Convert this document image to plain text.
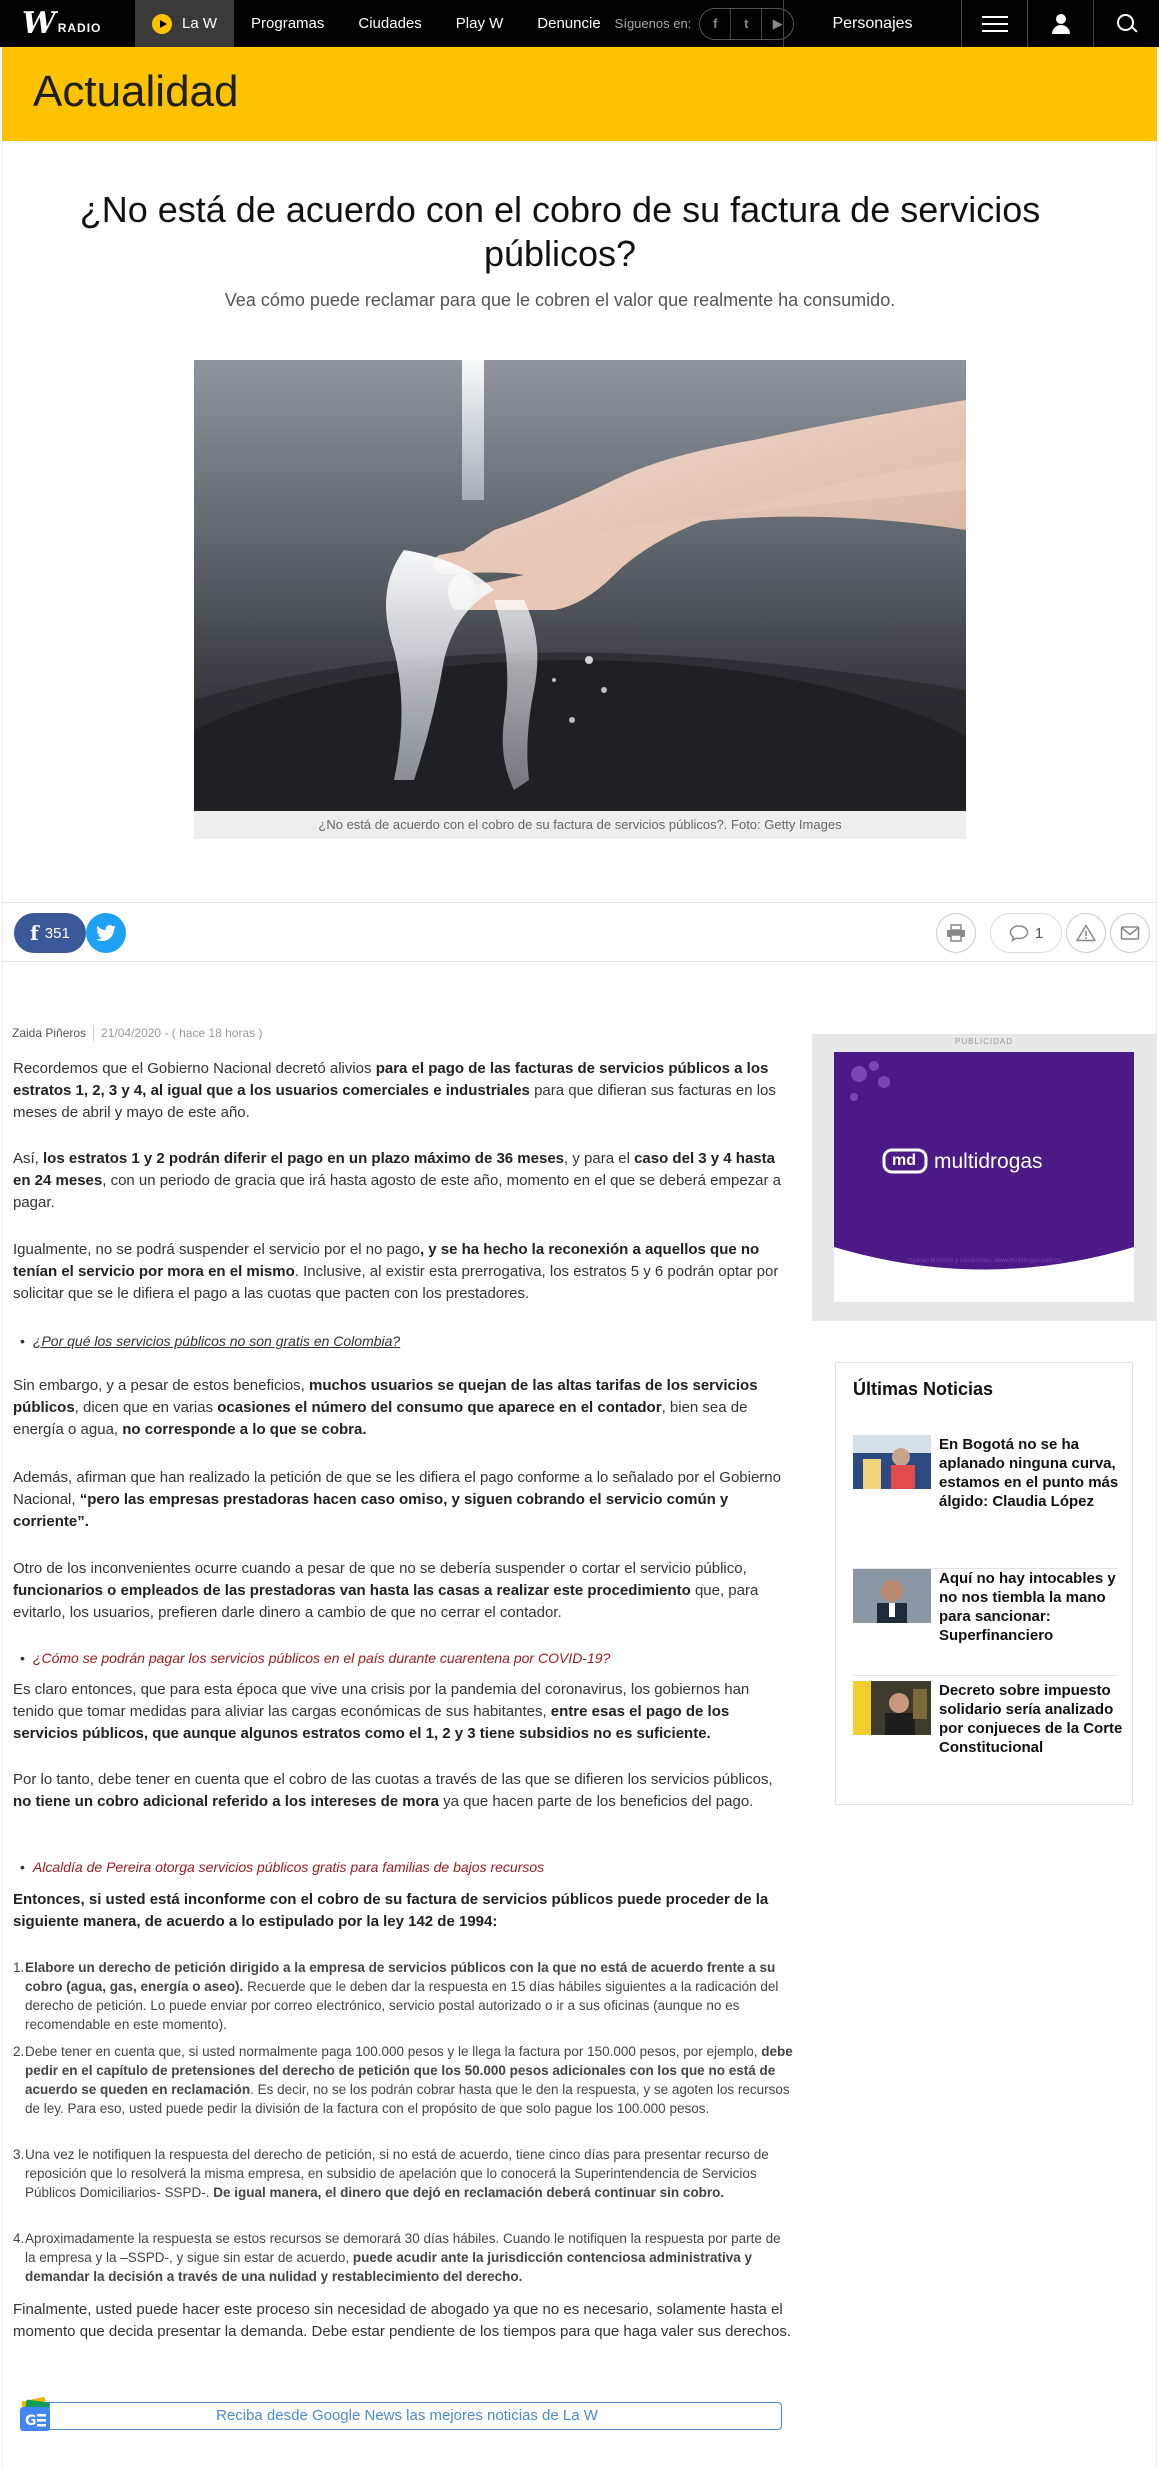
W RADIO	La W	Programas	Ciudades	Play W	Denuncie	Síguenos en:	f	t	▶	Personajes
Actualidad
¿No está de acuerdo con el cobro de su factura de servicios públicos?

Vea cómo puede reclamar para que le cobren el valor que realmente ha consumido.

¿No está de acuerdo con el cobro de su factura de servicios públicos?. Foto: Getty Images
f 351	1
Zaida Piñeros 21/04/2020 - ( hace 18 horas )

Recordemos que el Gobierno Nacional decretó alivios para el pago de las facturas de servicios públicos a los estratos 1, 2, 3 y 4, al igual que a los usuarios comerciales e industriales para que difieran sus facturas en los meses de abril y mayo de este año.

Así, los estratos 1 y 2 podrán diferir el pago en un plazo máximo de 36 meses, y para el caso del 3 y 4 hasta en 24 meses, con un periodo de gracia que irá hasta agosto de este año, momento en el que se deberá empezar a pagar.

Igualmente, no se podrá suspender el servicio por el no pago, y se ha hecho la reconexión a aquellos que no tenían el servicio por mora en el mismo. Inclusive, al existir esta prerrogativa, los estratos 5 y 6 podrán optar por solicitar que se le difiera el pago a las cuotas que pacten con los prestadores.

• ¿Por qué los servicios públicos no son gratis en Colombia?

Sin embargo, y a pesar de estos beneficios, muchos usuarios se quejan de las altas tarifas de los servicios públicos, dicen que en varias ocasiones el número del consumo que aparece en el contador, bien sea de energía o agua, no corresponde a lo que se cobra.

Además, afirman que han realizado la petición de que se les difiera el pago conforme a lo señalado por el Gobierno Nacional, “pero las empresas prestadoras hacen caso omiso, y siguen cobrando el servicio común y corriente”.

Otro de los inconvenientes ocurre cuando a pesar de que no se debería suspender o cortar el servicio público, funcionarios o empleados de las prestadoras van hasta las casas a realizar este procedimiento que, para evitarlo, los usuarios, prefieren darle dinero a cambio de que no cerrar el contador.

• ¿Cómo se podrán pagar los servicios públicos en el país durante cuarentena por COVID-19?

Es claro entonces, que para esta época que vive una crisis por la pandemia del coronavirus, los gobiernos han tenido que tomar medidas para aliviar las cargas económicas de sus habitantes, entre esas el pago de los servicios públicos, que aunque algunos estratos como el 1, 2 y 3 tiene subsidios no es suficiente.

Por lo tanto, debe tener en cuenta que el cobro de las cuotas a través de las que se difieren los servicios públicos, no tiene un cobro adicional referido a los intereses de mora ya que hacen parte de los beneficios del pago.

• Alcaldía de Pereira otorga servicios públicos gratis para familias de bajos recursos

Entonces, si usted está inconforme con el cobro de su factura de servicios públicos puede proceder de la siguiente manera, de acuerdo a lo estipulado por la ley 142 de 1994:

1. Elabore un derecho de petición dirigido a la empresa de servicios públicos con la que no está de acuerdo frente a su cobro (agua, gas, energía o aseo). Recuerde que le deben dar la respuesta en 15 días hábiles siguientes a la radicación del derecho de petición. Lo puede enviar por correo electrónico, servicio postal autorizado o ir a sus oficinas (aunque no es recomendable en este momento).
2. Debe tener en cuenta que, si usted normalmente paga 100.000 pesos y le llega la factura por 150.000 pesos, por ejemplo, debe pedir en el capítulo de pretensiones del derecho de petición que los 50.000 pesos adicionales con los que no está de acuerdo se queden en reclamación. Es decir, no se los podrán cobrar hasta que le den la respuesta, y se agoten los recursos de ley. Para eso, usted puede pedir la división de la factura con el propósito de que solo pague los 100.000 pesos.
3. Una vez le notifiquen la respuesta del derecho de petición, si no está de acuerdo, tiene cinco días para presentar recurso de reposición que lo resolverá la misma empresa, en subsidio de apelación que lo conocerá la Superintendencia de Servicios Públicos Domiciliarios- SSPD-. De igual manera, el dinero que dejó en reclamación deberá continuar sin cobro.
4. Aproximadamente la respuesta se estos recursos se demorará 30 días hábiles. Cuando le notifiquen la respuesta por parte de la empresa y la –SSPD-, y sigue sin estar de acuerdo, puede acudir ante la jurisdicción contenciosa administrativa y demandar la decisión a través de una nulidad y restablecimiento del derecho.

Finalmente, usted puede hacer este proceso sin necesidad de abogado ya que no es necesario, solamente hasta el momento que decida presentar la demanda. Debe estar pendiente de los tiempos para que haga valer sus derechos.

Reciba desde Google News las mejores noticias de La W
G
PUBLICIDAD
md multidrogas
*Aplican términos y condiciones. www.multidrogas.com.co
Últimas Noticias
En Bogotá no se ha aplanado ninguna curva, estamos en el punto más álgido: Claudia López
Aquí no hay intocables y no nos tiembla la mano para sancionar: Superfinanciero
Decreto sobre impuesto solidario sería analizado por conjueces de la Corte Constitucional
